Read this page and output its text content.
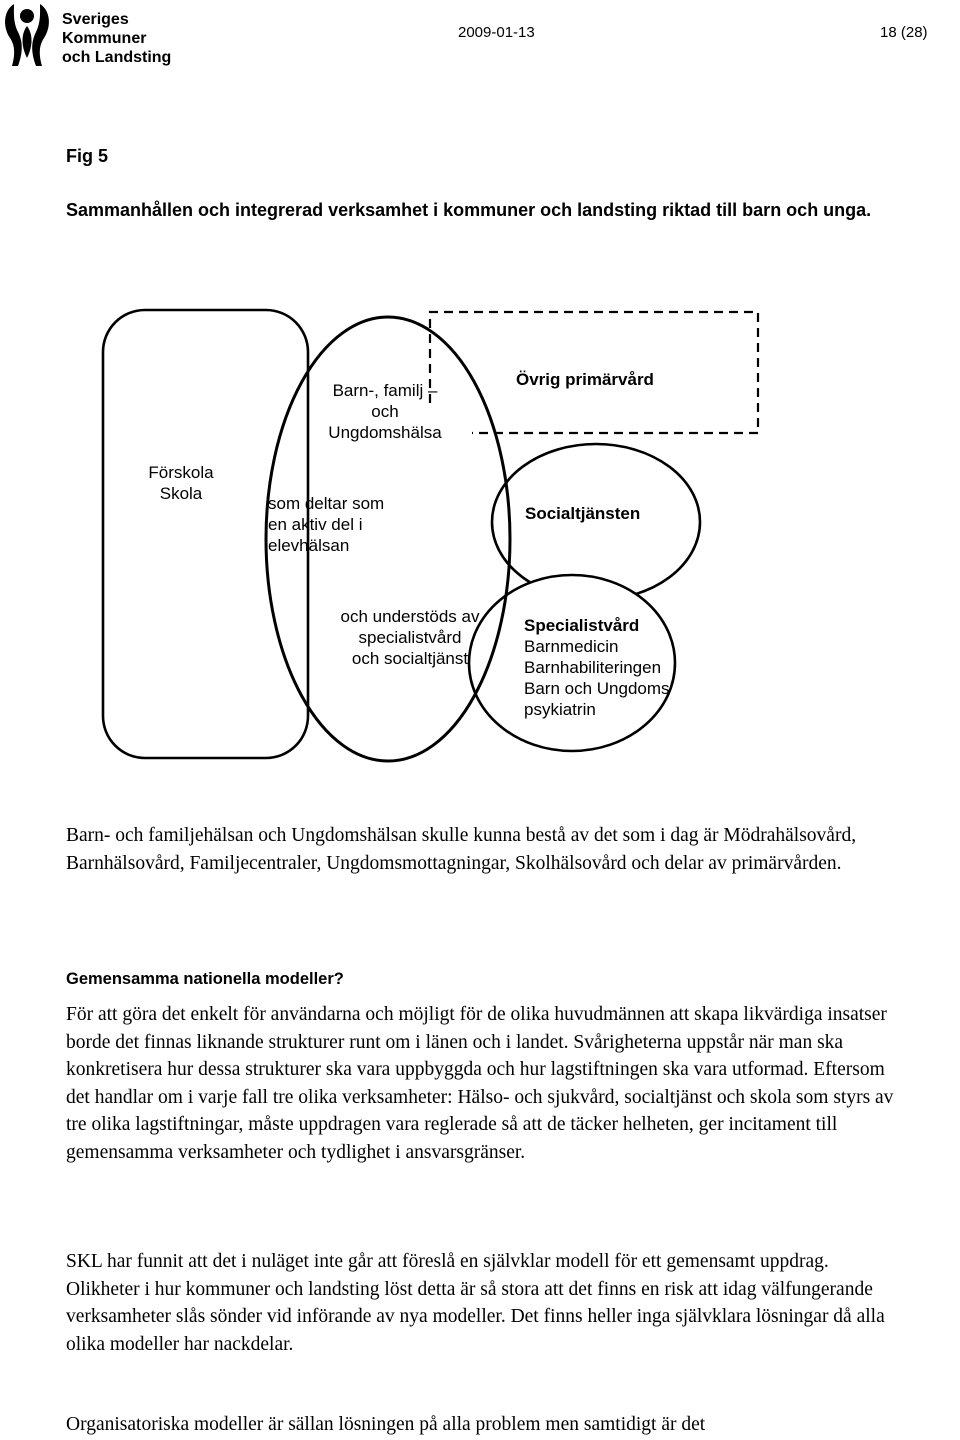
Sveriges
Kommuner
och Landsting
2009-01-13	18 (28)
Fig 5
Sammanhållen och integrerad verksamhet i kommuner och landsting riktad till barn och unga.
Förskola
Skola
Barn-, familj –
och
Ungdomshälsa
som deltar som
en aktiv del i
elevhälsan
och understöds av
specialistvård
och socialtjänst
Övrig primärvård
Socialtjänsten
Specialistvård
Barnmedicin
Barnhabiliteringen
Barn och Ungdoms
psykiatrin
Barn- och familjehälsan och Ungdomshälsan skulle kunna bestå av det som i dag är Mödrahälsovård, Barnhälsovård, Familjecentraler, Ungdomsmottagningar, Skolhälsovård och delar av primärvården.
Gemensamma nationella modeller?
För att göra det enkelt för användarna och möjligt för de olika huvudmännen att skapa likvärdiga insatser borde det finnas liknande strukturer runt om i länen och i landet. Svårigheterna uppstår när man ska konkretisera hur dessa strukturer ska vara uppbyggda och hur lagstiftningen ska vara utformad. Eftersom det handlar om i varje fall tre olika verksamheter: Hälso- och sjukvård, socialtjänst och skola som styrs av tre olika lagstiftningar, måste uppdragen vara reglerade så att de täcker helheten, ger incitament till gemensamma verksamheter och tydlighet i ansvarsgränser.
SKL har funnit att det i nuläget inte går att föreslå en självklar modell för ett gemensamt uppdrag. Olikheter i hur kommuner och landsting löst detta är så stora att det finns en risk att idag välfungerande verksamheter slås sönder vid införande av nya modeller. Det finns heller inga självklara lösningar då alla olika modeller har nackdelar.
Organisatoriska modeller är sällan lösningen på alla problem men samtidigt är det
